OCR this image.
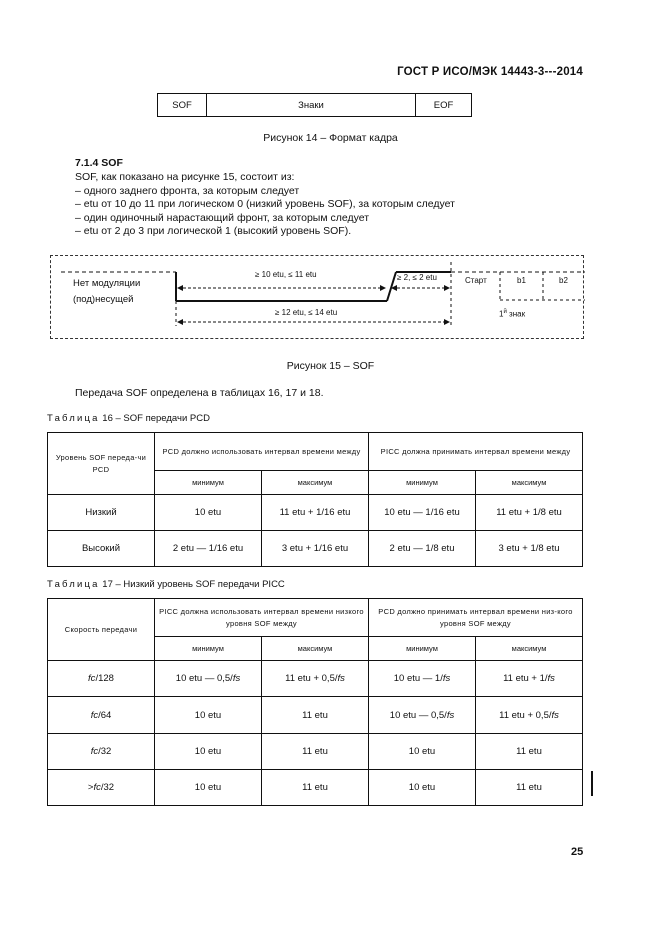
ГОСТ Р ИСО/МЭК 14443-3---2014
SOF	Знаки	EOF
Рисунок 14 – Формат кадра
7.1.4 SOF
SOF, как показано на рисунке 15, состоит из:
– одного заднего фронта, за которым следует
– etu от 10 до 11 при логическом 0 (низкий уровень SOF), за которым следует
– один одиночный нарастающий фронт, за которым следует
– etu от 2 до 3 при логической 1 (высокий уровень SOF).
Нет модуляции
(под)несущей
≥ 10 etu, ≤ 11 etu	≥ 2, ≤ 2 etu
≥ 12 etu, ≤ 14 etu
Старт	b1	b2
$1^й$ знак
Рисунок 15 – SOF
Передача SOF определена в таблицах 16, 17 и 18.
Таблица 16 – SOF передачи PCD
Уровень SOF переда-чи PCD	PCD должно использовать интервал времени между		PICC должна принимать интервал времени между	
	минимум	максимум	минимум	максимум
Низкий	10 etu	11 etu + 1/16 etu	10 etu — 1/16 etu	11 etu + 1/8 etu
Высокий	2 etu — 1/16 etu	3 etu + 1/16 etu	2 etu — 1/8 etu	3 etu + 1/8 etu
Таблица 17 – Низкий уровень SOF передачи PICC
Скорость передачи	PICC должна использовать интервал времени низкого уровня SOF между		PCD должно принимать интервал времени низ-кого уровня SOF между	
	минимум	максимум	минимум	максимум
fc/128	10 etu — 0,5/fs	11 etu + 0,5/fs	10 etu — 1/fs	11 etu + 1/fs
fc/64	10 etu	11 etu	10 etu — 0,5/fs	11 etu + 0,5/fs
fc/32	10 etu	11 etu	10 etu	11 etu
>fc/32	10 etu	11 etu	10 etu	11 etu
25
